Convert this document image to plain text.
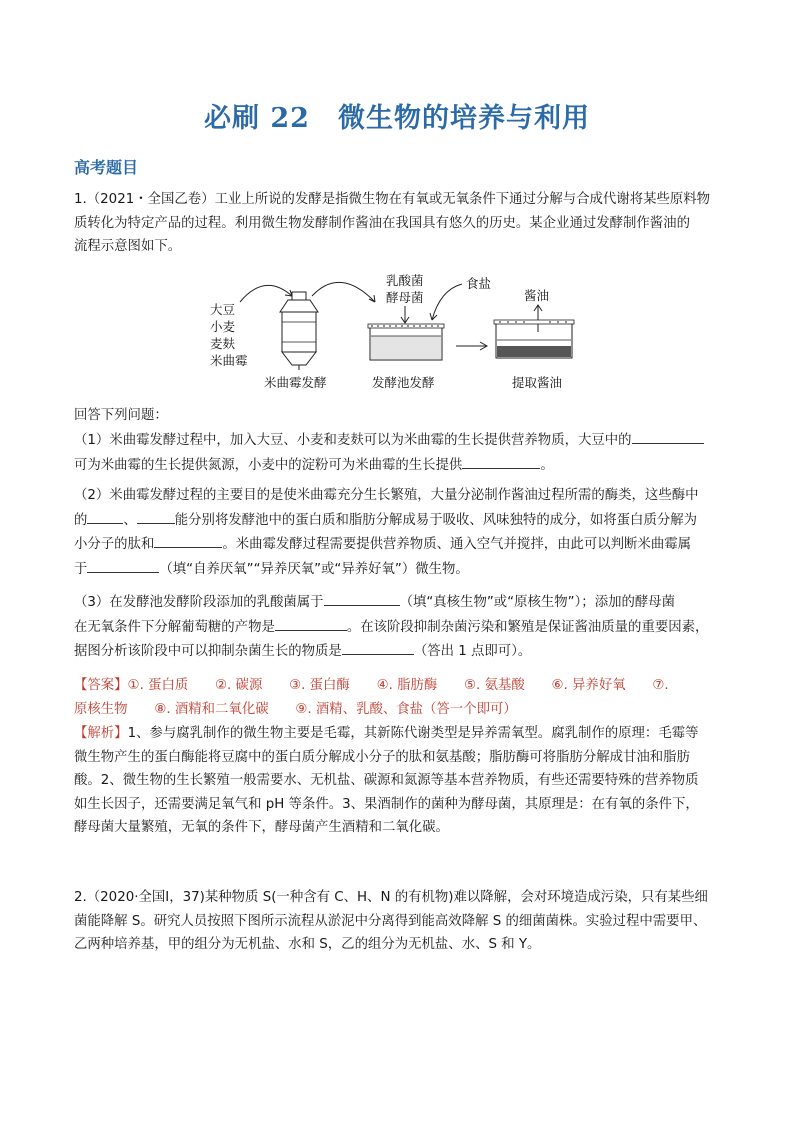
必刷 22　微生物的培养与利用
高考题目
1.（2021・全国乙卷）工业上所说的发酵是指微生物在有氧或无氧条件下通过分解与合成代谢将某些原料物
质转化为特定产品的过程。利用微生物发酵制作酱油在我国具有悠久的历史。某企业通过发酵制作酱油的
流程示意图如下。
大豆
小麦
麦麸
米曲霉
米曲霉发酵
乳酸菌
酵母菌
食盐
发酵池发酵
酱油
提取酱油
回答下列问题：
（1）米曲霉发酵过程中，加入大豆、小麦和麦麸可以为米曲霉的生长提供营养物质，大豆中的
可为米曲霉的生长提供氮源，小麦中的淀粉可为米曲霉的生长提供	。
（2）米曲霉发酵过程的主要目的是使米曲霉充分生长繁殖，大量分泌制作酱油过程所需的酶类，这些酶中
的	、	能分别将发酵池中的蛋白质和脂肪分解成易于吸收、风味独特的成分，如将蛋白质分解为
小分子的肽和	。米曲霉发酵过程需要提供营养物质、通入空气并搅拌，由此可以判断米曲霉属
于	（填“自养厌氧”“异养厌氧”或“异养好氧”）微生物。
（3）在发酵池发酵阶段添加的乳酸菌属于	（填“真核生物”或“原核生物”）；添加的酵母菌
在无氧条件下分解葡萄糖的产物是	。在该阶段抑制杂菌污染和繁殖是保证酱油质量的重要因素，
据图分析该阶段中可以抑制杂菌生长的物质是	（答出 1 点即可）。
【答案】①. 蛋白质　　②. 碳源　　③. 蛋白酶　　④. 脂肪酶　　⑤. 氨基酸　　⑥. 异养好氧　　⑦.
原核生物　　⑧. 酒精和二氧化碳　　⑨. 酒精、乳酸、食盐（答一个即可）
【解析】1、参与腐乳制作的微生物主要是毛霉，其新陈代谢类型是异养需氧型。腐乳制作的原理：毛霉等
微生物产生的蛋白酶能将豆腐中的蛋白质分解成小分子的肽和氨基酸；脂肪酶可将脂肪分解成甘油和脂肪
酸。2、微生物的生长繁殖一般需要水、无机盐、碳源和氮源等基本营养物质，有些还需要特殊的营养物质
如生长因子，还需要满足氧气和 pH 等条件。3、果酒制作的菌种为酵母菌，其原理是：在有氧的条件下，
酵母菌大量繁殖，无氧的条件下，酵母菌产生酒精和二氧化碳。
2.（2020·全国Ⅰ，37)某种物质 S(一种含有 C、H、N 的有机物)难以降解，会对环境造成污染，只有某些细
菌能降解 S。研究人员按照下图所示流程从淤泥中分离得到能高效降解 S 的细菌菌株。实验过程中需要甲、
乙两种培养基，甲的组分为无机盐、水和 S，乙的组分为无机盐、水、S 和 Y。
